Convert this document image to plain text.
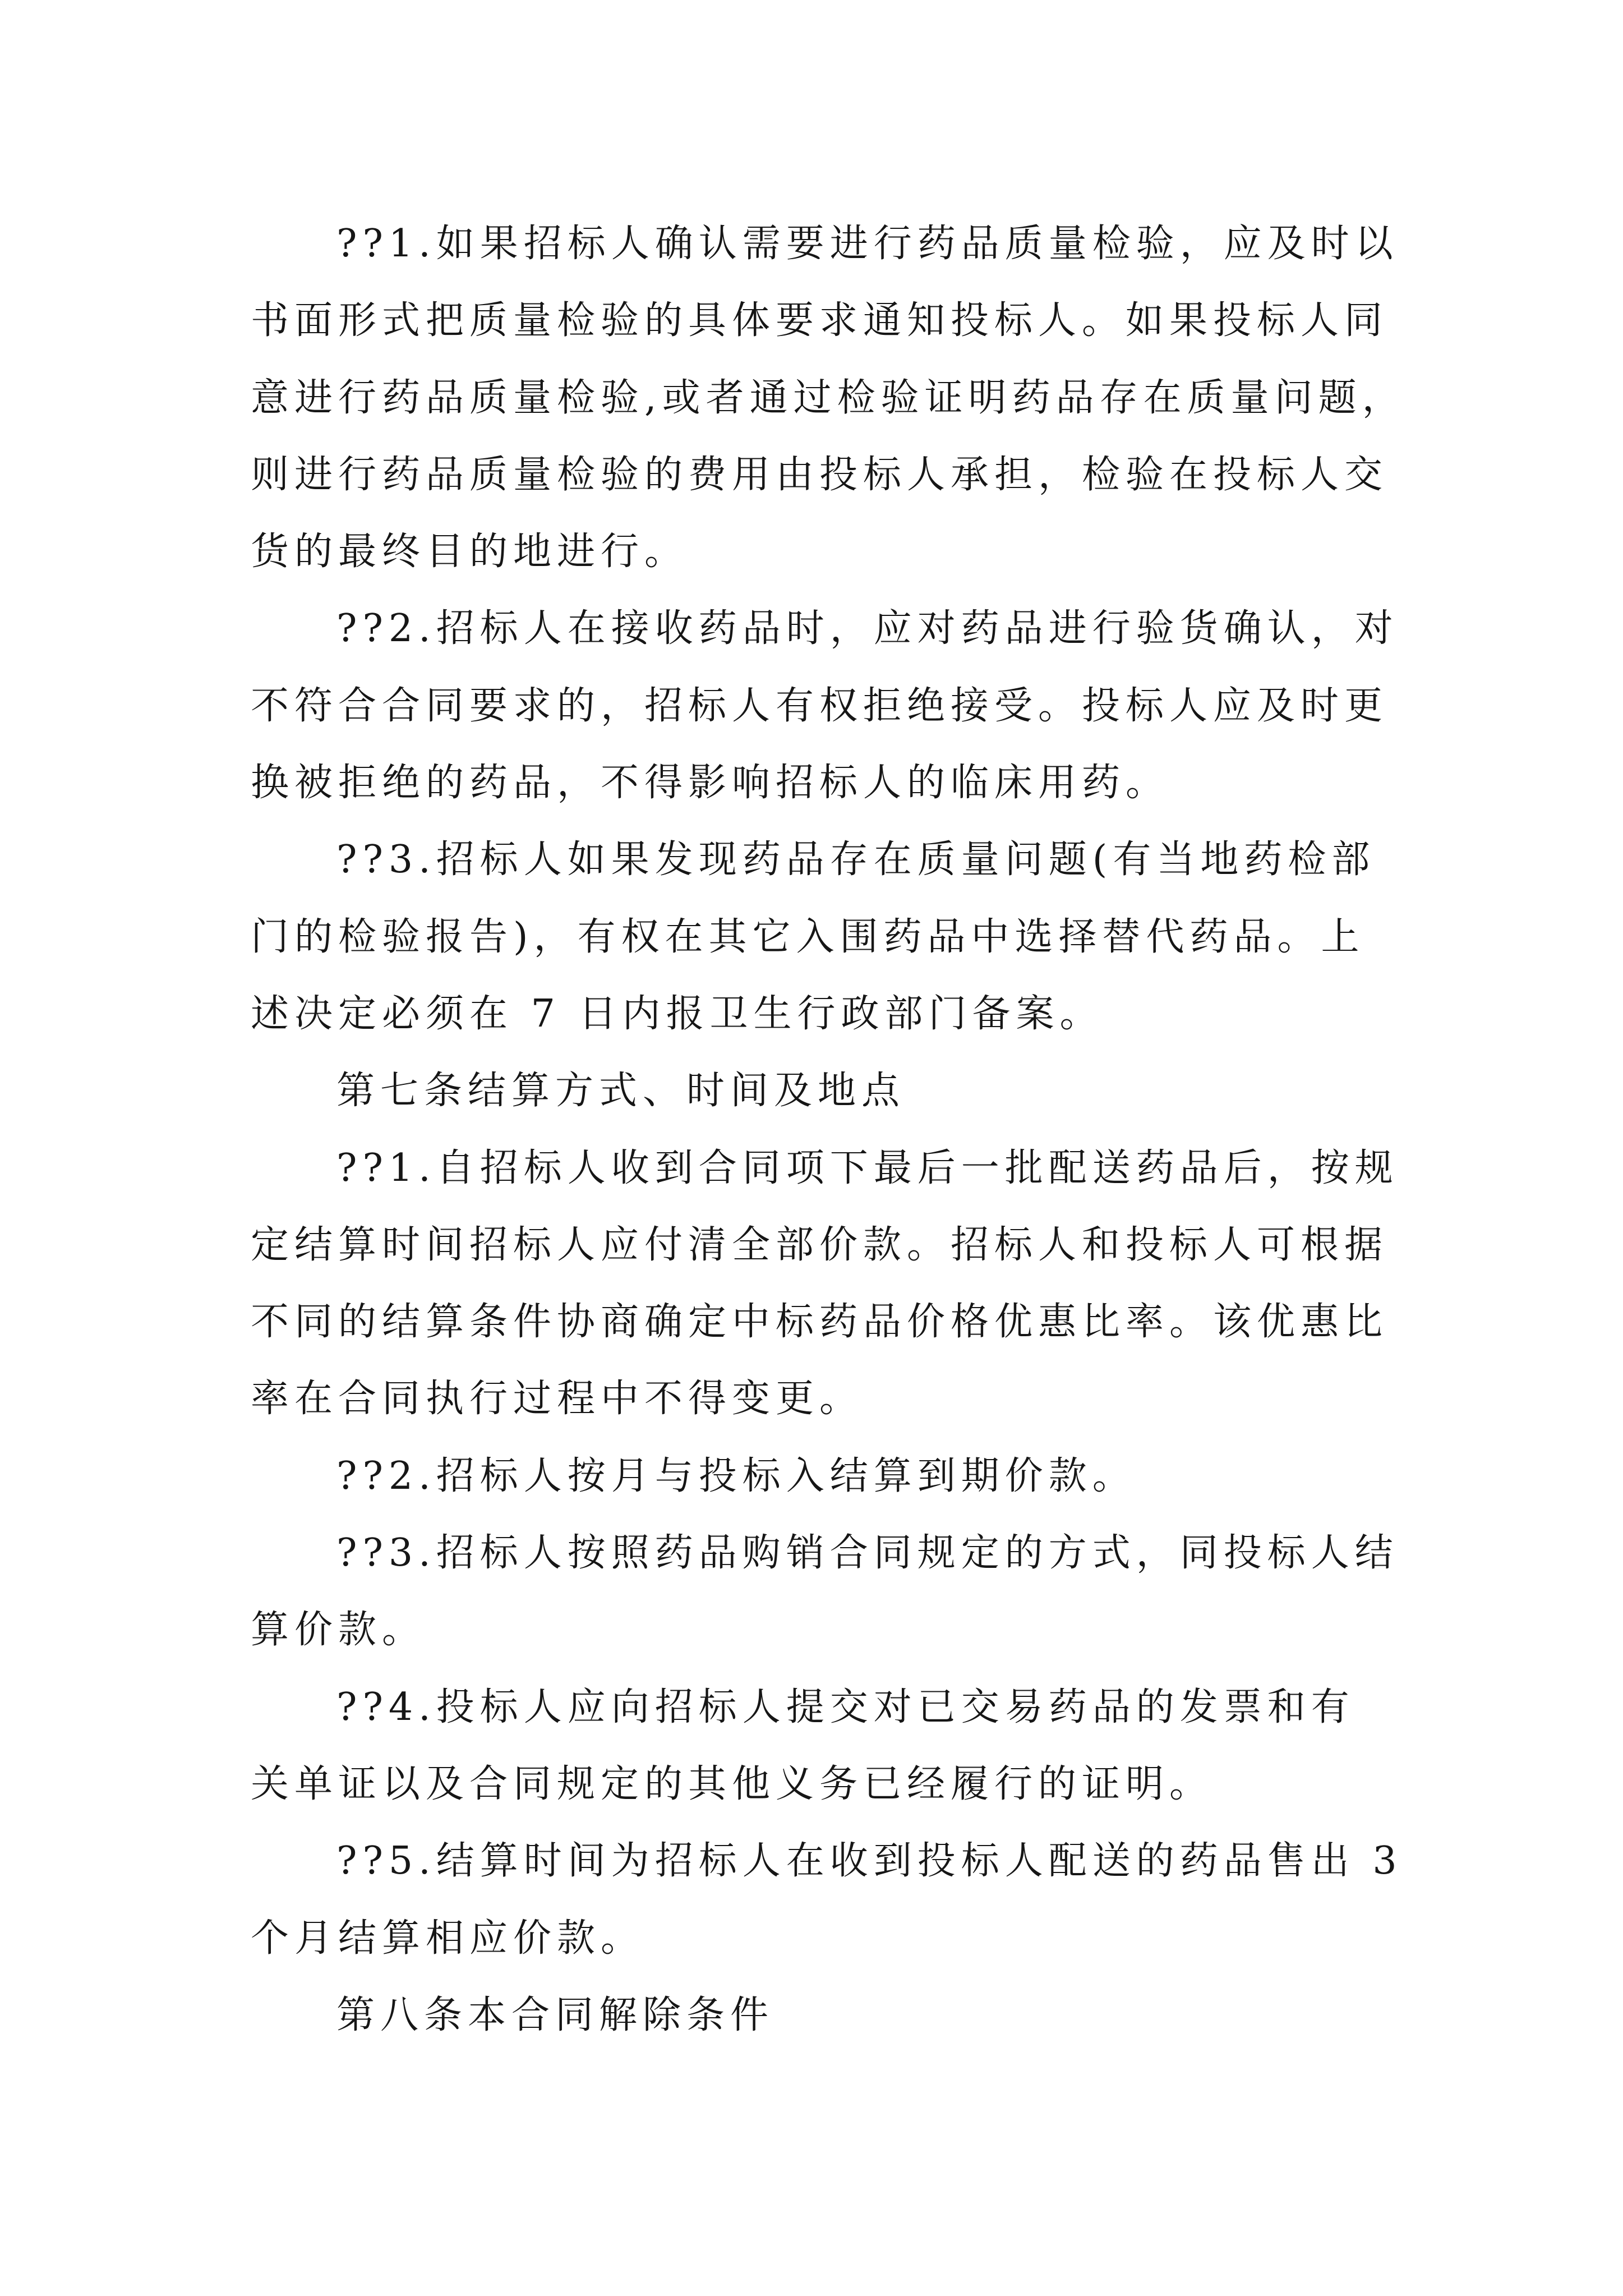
??1.如果招标人确认需要进行药品质量检验，应及时以
书面形式把质量检验的具体要求通知投标人。如果投标人同
意进行药品质量检验,或者通过检验证明药品存在质量问题，
则进行药品质量检验的费用由投标人承担，检验在投标人交
货的最终目的地进行。
??2.招标人在接收药品时，应对药品进行验货确认，对
不符合合同要求的，招标人有权拒绝接受。投标人应及时更
换被拒绝的药品，不得影响招标人的临床用药。
??3.招标人如果发现药品存在质量问题(有当地药检部
门的检验报告)，有权在其它入围药品中选择替代药品。上
述决定必须在 7 日内报卫生行政部门备案。
第七条结算方式、时间及地点
??1.自招标人收到合同项下最后一批配送药品后，按规
定结算时间招标人应付清全部价款。招标人和投标人可根据
不同的结算条件协商确定中标药品价格优惠比率。该优惠比
率在合同执行过程中不得变更。
??2.招标人按月与投标入结算到期价款。
??3.招标人按照药品购销合同规定的方式，同投标人结
算价款。
??4.投标人应向招标人提交对已交易药品的发票和有
关单证以及合同规定的其他义务已经履行的证明。
??5.结算时间为招标人在收到投标人配送的药品售出 3
个月结算相应价款。
第八条本合同解除条件
